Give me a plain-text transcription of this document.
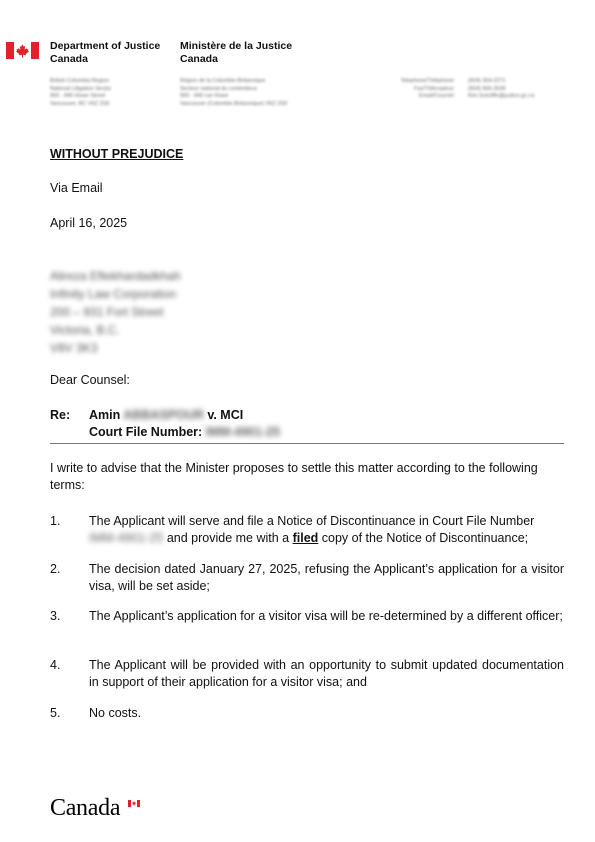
Department of Justice
Canada
Ministère de la Justice
Canada
British Columbia Region
National Litigation Sector
900 - 840 Howe Street
Vancouver, BC V6Z 2S9
Région de la Colombie-Britannique
Secteur national du contentieux
900 - 840 rue Howe
Vancouver (Colombie-Britannique) V6Z 2S9
Telephone/Téléphone:
Fax/Télécopieur:
Email/Courriel:
(604) 354-2271
(604) 666-2639
Kim.Sutcliffe@justice.gc.ca
WITHOUT PREJUDICE
Via Email
April 16, 2025
Alireza Eftekhardadkhah
Infinity Law Corporation
200 – 931 Fort Street
Victoria, B.C.
V8V 3K3
Dear Counsel:
Re: Amin ABBASPOUR v. MCI
Court File Number: IMM-4901-25
I write to advise that the Minister proposes to settle this matter according to the following terms:
1. The Applicant will serve and file a Notice of Discontinuance in Court File Number
IMM-4901-25 and provide me with a filed copy of the Notice of Discontinuance;
2. The decision dated January 27, 2025, refusing the Applicant’s application for a visitor visa, will be set aside;
3. The Applicant’s application for a visitor visa will be re-determined by a different officer;
4. The Applicant will be provided with an opportunity to submit updated documentation in support of their application for a visitor visa; and
5. No costs.
Canada
